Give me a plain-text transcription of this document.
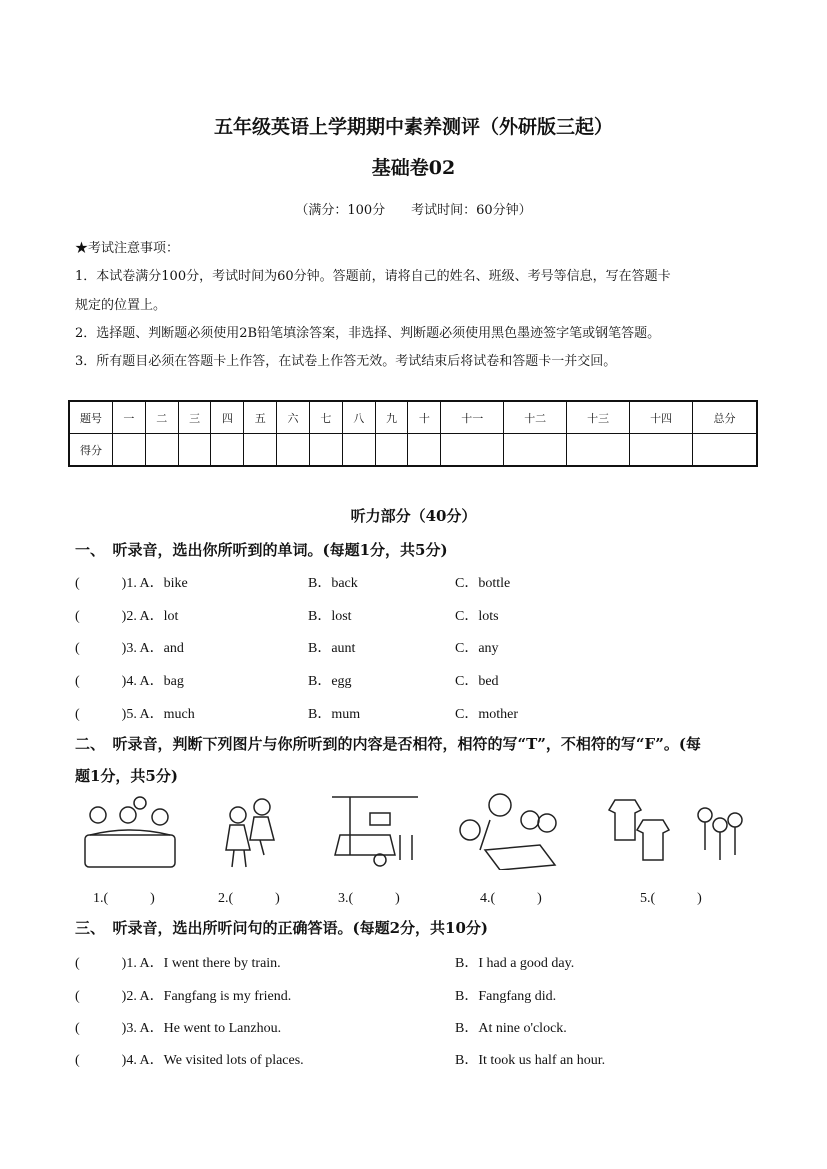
五年级英语上学期期中素养测评（外研版三起）
基础卷02
（满分：100分　　考试时间：60分钟）
★考试注意事项：
1．本试卷满分100分，考试时间为60分钟。答题前，请将自己的姓名、班级、考号等信息，写在答题卡
规定的位置上。
2．选择题、判断题必须使用2B铅笔填涂答案，非选择、判断题必须使用黑色墨迹签字笔或钢笔答题。
3．所有题目必须在答题卡上作答，在试卷上作答无效。考试结束后将试卷和答题卡一并交回。
题号	一	二	三	四	五	六	七	八	九	十	十一	十二	十三	十四	总分
得分															
听力部分（40分）
一、　听录音，选出你所听到的单词。(每题1分，共5分)
二、　听录音，判断下列图片与你所听到的内容是否相符，相符的写“T”，不相符的写“F”。(每
题1分，共5分)
三、　听录音，选出所听问句的正确答语。(每题2分，共10分)
(　　　)1. A．bike	B．back	C．bottle
(　　　)2. A．lot	B．lost	C．lots
(　　　)3. A．and	B．aunt	C．any
(　　　)4. A．bag	B．egg	C．bed
(　　　)5. A．much	B．mum	C．mother
1.(　　　)	2.(　　　)	3.(　　　)	4.(　　　)	5.(　　　)
(　　　)1. A．I went there by train.	B．I had a good day.
(　　　)2. A．Fangfang is my friend.	B．Fangfang did.
(　　　)3. A．He went to Lanzhou.	B．At nine o'clock.
(　　　)4. A．We visited lots of places.	B．It took us half an hour.
